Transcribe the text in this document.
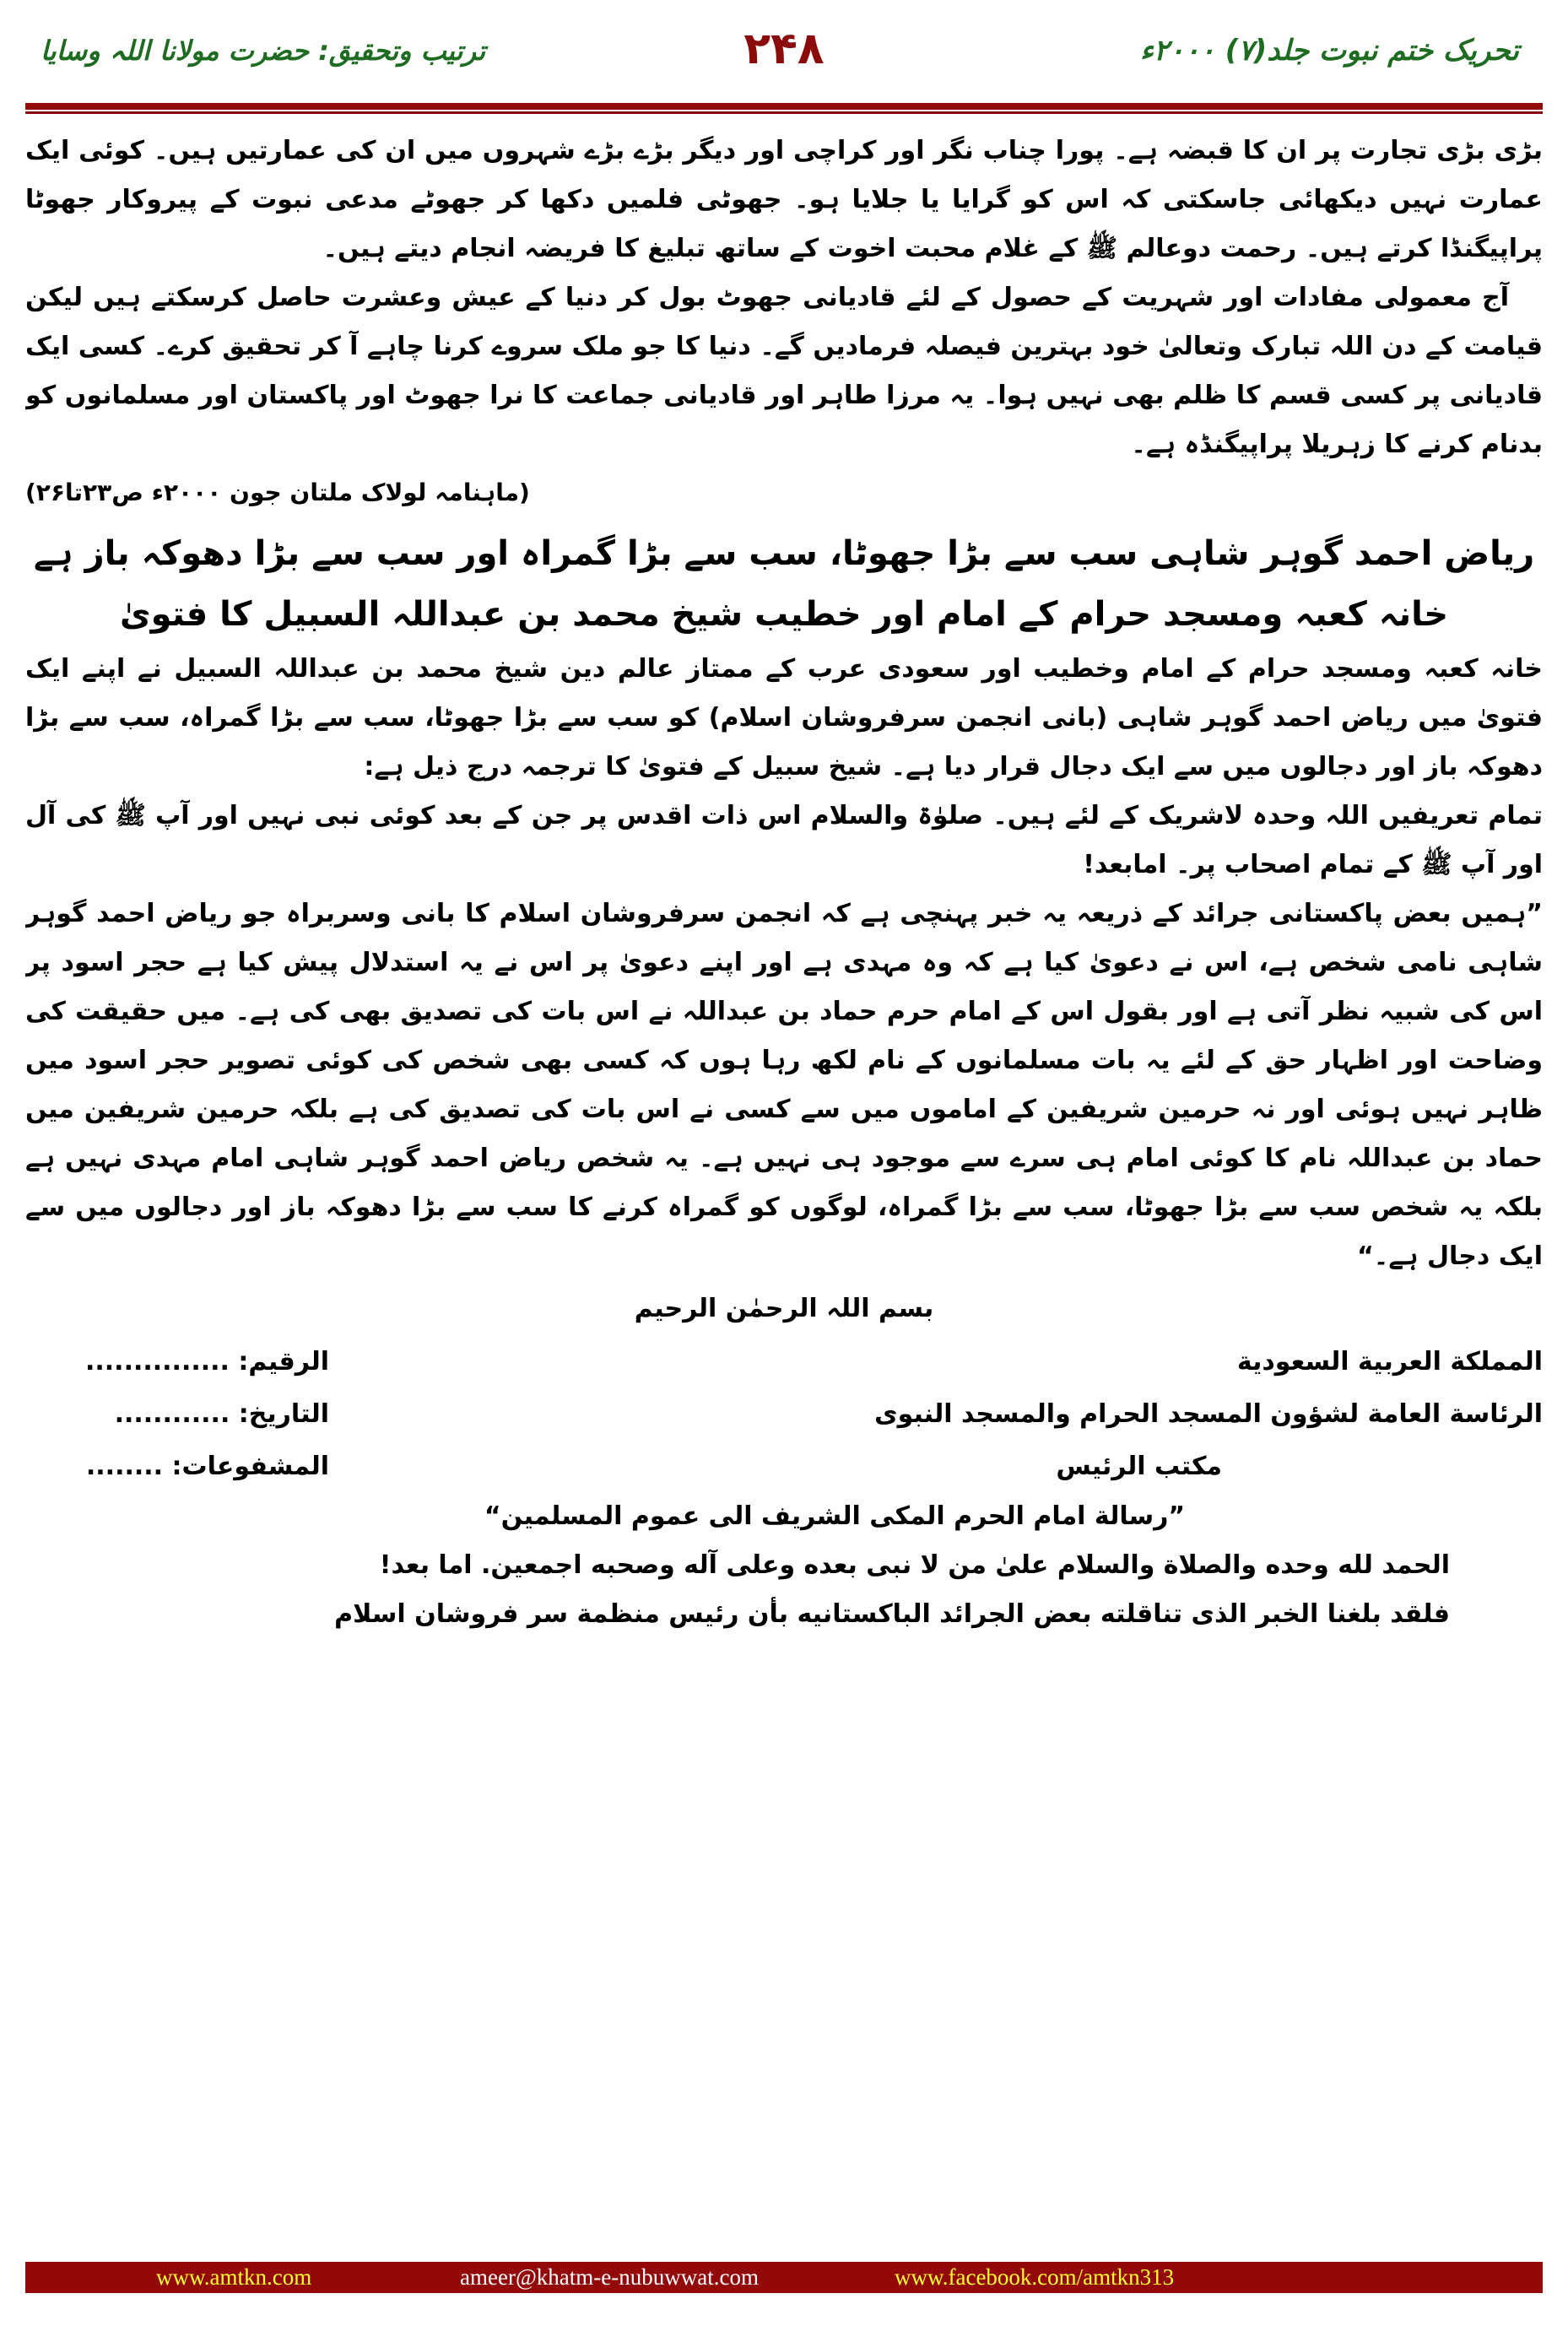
تحریک ختم نبوت جلد(۷) ۲۰۰۰ء
۲۴۸
ترتیب وتحقیق: حضرت مولانا اللہ وسایا

بڑی بڑی تجارت پر ان کا قبضہ ہے۔ پورا چناب نگر اور کراچی اور دیگر بڑے بڑے شہروں میں ان کی عمارتیں ہیں۔ کوئی ایک عمارت نہیں دیکھائی جاسکتی کہ اس کو گرایا یا جلایا ہو۔ جھوٹی فلمیں دکھا کر جھوٹے مدعی نبوت کے پیروکار جھوٹا پراپیگنڈا کرتے ہیں۔ رحمت دوعالم ﷺ کے غلام محبت اخوت کے ساتھ تبلیغ کا فریضہ انجام دیتے ہیں۔

آج معمولی مفادات اور شہریت کے حصول کے لئے قادیانی جھوٹ بول کر دنیا کے عیش وعشرت حاصل کرسکتے ہیں لیکن قیامت کے دن اللہ تبارک وتعالیٰ خود بہترین فیصلہ فرمادیں گے۔ دنیا کا جو ملک سروے کرنا چاہے آ کر تحقیق کرے۔ کسی ایک قادیانی پر کسی قسم کا ظلم بھی نہیں ہوا۔ یہ مرزا طاہر اور قادیانی جماعت کا نرا جھوٹ اور پاکستان اور مسلمانوں کو بدنام کرنے کا زہریلا پراپیگنڈہ ہے۔

(ماہنامہ لولاک ملتان جون ۲۰۰۰ء ص۲۳تا۲۶)

ریاض احمد گوہر شاہی سب سے بڑا جھوٹا، سب سے بڑا گمراہ اور سب سے بڑا دھوکہ باز ہے
خانہ کعبہ ومسجد حرام کے امام اور خطیب شیخ محمد بن عبداللہ السبیل کا فتویٰ

خانہ کعبہ ومسجد حرام کے امام وخطیب اور سعودی عرب کے ممتاز عالم دین شیخ محمد بن عبداللہ السبیل نے اپنے ایک فتویٰ میں ریاض احمد گوہر شاہی (بانی انجمن سرفروشان اسلام) کو سب سے بڑا جھوٹا، سب سے بڑا گمراہ، سب سے بڑا دھوکہ باز اور دجالوں میں سے ایک دجال قرار دیا ہے۔ شیخ سبیل کے فتویٰ کا ترجمہ درج ذیل ہے:

تمام تعریفیں اللہ وحدہ لاشریک کے لئے ہیں۔ صلوٰۃ والسلام اس ذات اقدس پر جن کے بعد کوئی نبی نہیں اور آپ ﷺ کی آل اور آپ ﷺ کے تمام اصحاب پر۔ امابعد!

”ہمیں بعض پاکستانی جرائد کے ذریعہ یہ خبر پہنچی ہے کہ انجمن سرفروشان اسلام کا بانی وسربراہ جو ریاض احمد گوہر شاہی نامی شخص ہے، اس نے دعویٰ کیا ہے کہ وہ مہدی ہے اور اپنے دعویٰ پر اس نے یہ استدلال پیش کیا ہے حجر اسود پر اس کی شبیہ نظر آتی ہے اور بقول اس کے امام حرم حماد بن عبداللہ نے اس بات کی تصدیق بھی کی ہے۔ میں حقیقت کی وضاحت اور اظہار حق کے لئے یہ بات مسلمانوں کے نام لکھ رہا ہوں کہ کسی بھی شخص کی کوئی تصویر حجر اسود میں ظاہر نہیں ہوئی اور نہ حرمین شریفین کے اماموں میں سے کسی نے اس بات کی تصدیق کی ہے بلکہ حرمین شریفین میں حماد بن عبداللہ نام کا کوئی امام ہی سرے سے موجود ہی نہیں ہے۔ یہ شخص ریاض احمد گوہر شاہی امام مہدی نہیں ہے بلکہ یہ شخص سب سے بڑا جھوٹا، سب سے بڑا گمراہ، لوگوں کو گمراہ کرنے کا سب سے بڑا دھوکہ باز اور دجالوں میں سے ایک دجال ہے۔“

بسم اللہ الرحمٰن الرحیم
المملكة العربية السعودية
الرقيم: ...............
الرئاسة العامة لشؤون المسجد الحرام والمسجد النبوی
التاريخ: ............
مكتب الرئيس
المشفوعات: ........

”رسالة امام الحرم المكی الشريف الی عموم المسلمين“

الحمد لله وحده والصلاة والسلام علیٰ من لا نبی بعده وعلی آله وصحبه اجمعين. اما بعد!

فلقد بلغنا الخبر الذی تناقلته بعض الجرائد الباكستانيه بأن رئيس منظمة سر فروشان اسلام

www.amtkn.com	ameer@khatm-e-nubuwwat.com	www.facebook.com/amtkn313
